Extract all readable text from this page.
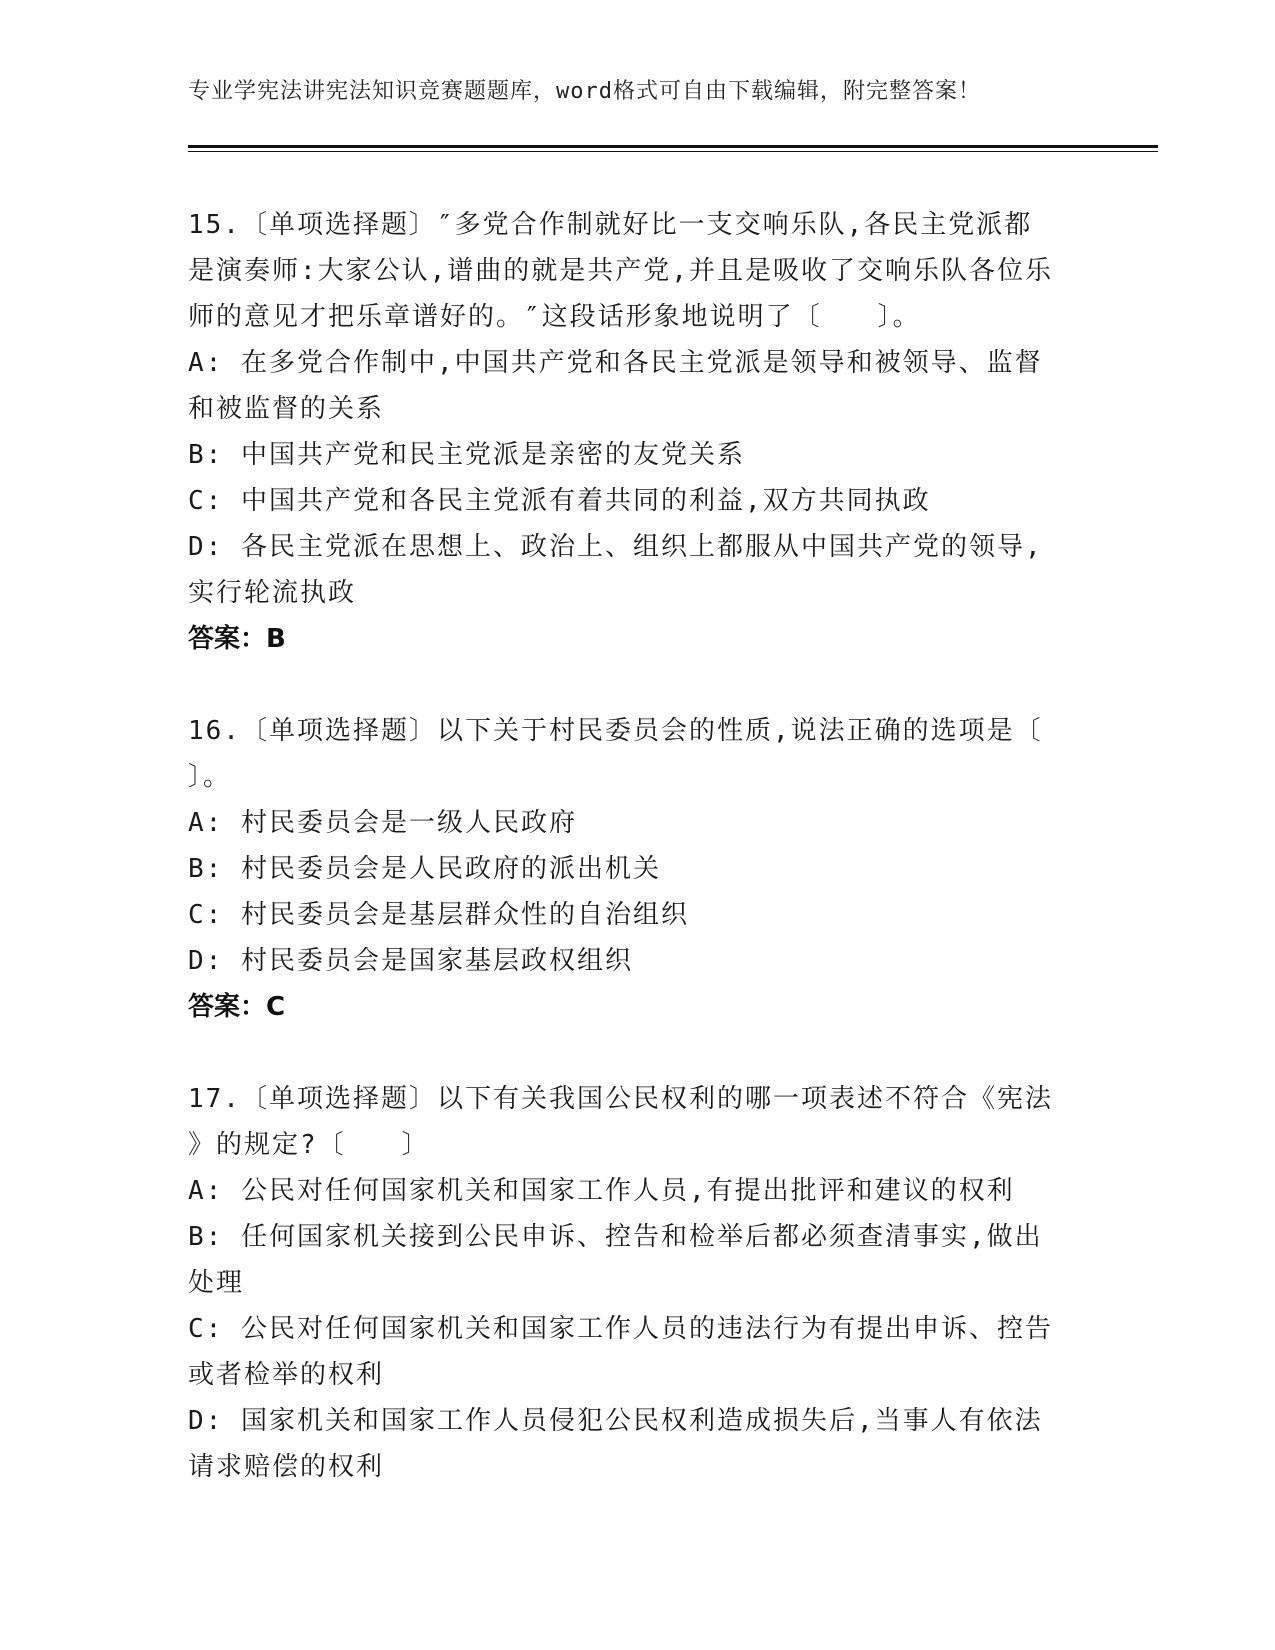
专业学宪法讲宪法知识竞赛题题库，word格式可自由下载编辑，附完整答案！
15.〔单项选择题〕″多党合作制就好比一支交响乐队,各民主党派都
是演奏师:大家公认,谱曲的就是共产党,并且是吸收了交响乐队各位乐
师的意见才把乐章谱好的。″这段话形象地说明了〔　　〕。
A: 在多党合作制中,中国共产党和各民主党派是领导和被领导、监督
和被监督的关系
B: 中国共产党和民主党派是亲密的友党关系
C: 中国共产党和各民主党派有着共同的利益,双方共同执政
D: 各民主党派在思想上、政治上、组织上都服从中国共产党的领导,
实行轮流执政
答案：B
16.〔单项选择题〕以下关于村民委员会的性质,说法正确的选项是〔
〕。
A: 村民委员会是一级人民政府
B: 村民委员会是人民政府的派出机关
C: 村民委员会是基层群众性的自治组织
D: 村民委员会是国家基层政权组织
答案：C
17.〔单项选择题〕以下有关我国公民权利的哪一项表述不符合《宪法
》的规定?〔　　〕
A: 公民对任何国家机关和国家工作人员,有提出批评和建议的权利
B: 任何国家机关接到公民申诉、控告和检举后都必须查清事实,做出
处理
C: 公民对任何国家机关和国家工作人员的违法行为有提出申诉、控告
或者检举的权利
D: 国家机关和国家工作人员侵犯公民权利造成损失后,当事人有依法
请求赔偿的权利
